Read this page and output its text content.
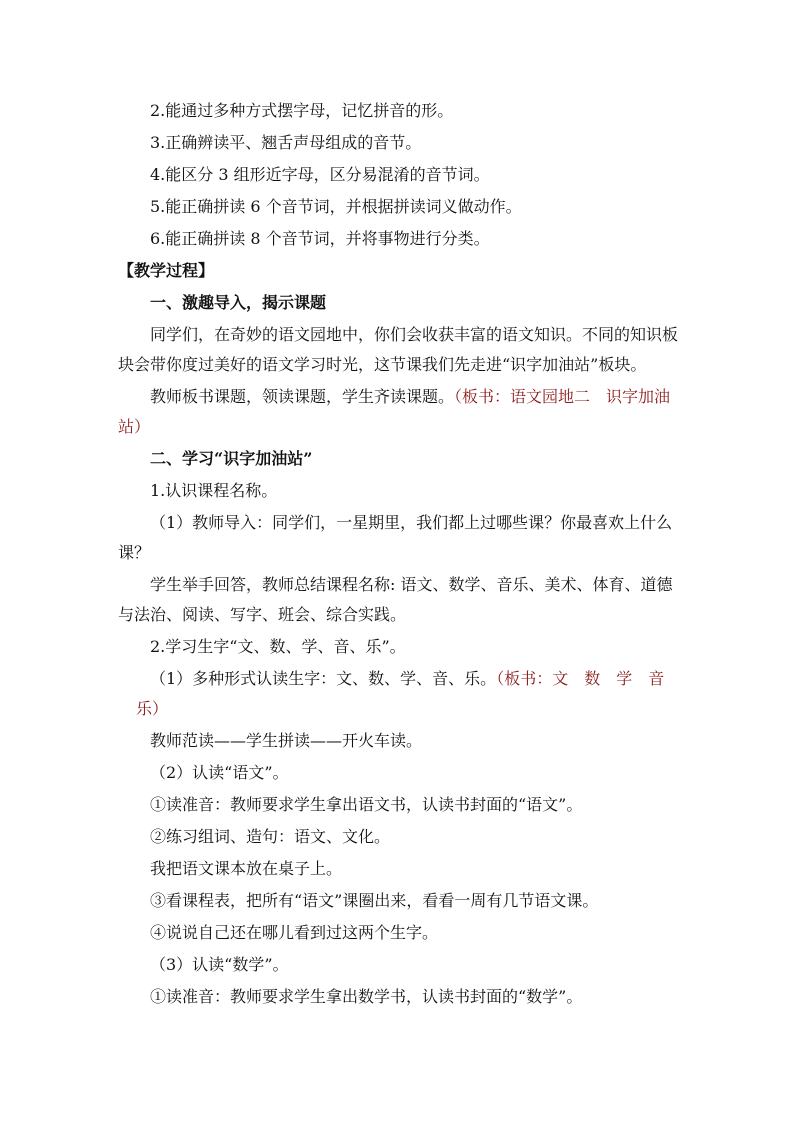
2.能通过多种方式摆字母，记忆拼音的形。
3.正确辨读平、翘舌声母组成的音节。
4.能区分 3 组形近字母，区分易混淆的音节词。
5.能正确拼读 6 个音节词，并根据拼读词义做动作。
6.能正确拼读 8 个音节词，并将事物进行分类。
【教学过程】
一、激趣导入，揭示课题
同学们，在奇妙的语文园地中，你们会收获丰富的语文知识。不同的知识板
块会带你度过美好的语文学习时光，这节课我们先走进“识字加油站”板块。
教师板书课题，领读课题，学生齐读课题。（板书：语文园地二　识字加油
站）
二、学习“识字加油站”
1.认识课程名称。
（1）教师导入：同学们，一星期里，我们都上过哪些课？你最喜欢上什么
课？
学生举手回答，教师总结课程名称: 语文、数学、音乐、美术、体育、道德
与法治、阅读、写字、班会、综合实践。
2.学习生字“文、数、学、音、乐”。
（1）多种形式认读生字：文、数、学、音、乐。（板书：文　数　学　音
乐）
教师范读——学生拼读——开火车读。
（2）认读“语文”。
①读准音：教师要求学生拿出语文书，认读书封面的“语文”。
②练习组词、造句：语文、文化。
我把语文课本放在桌子上。
③看课程表，把所有“语文”课圈出来，看看一周有几节语文课。
④说说自己还在哪儿看到过这两个生字。
（3）认读“数学”。
①读准音：教师要求学生拿出数学书，认读书封面的“数学”。
